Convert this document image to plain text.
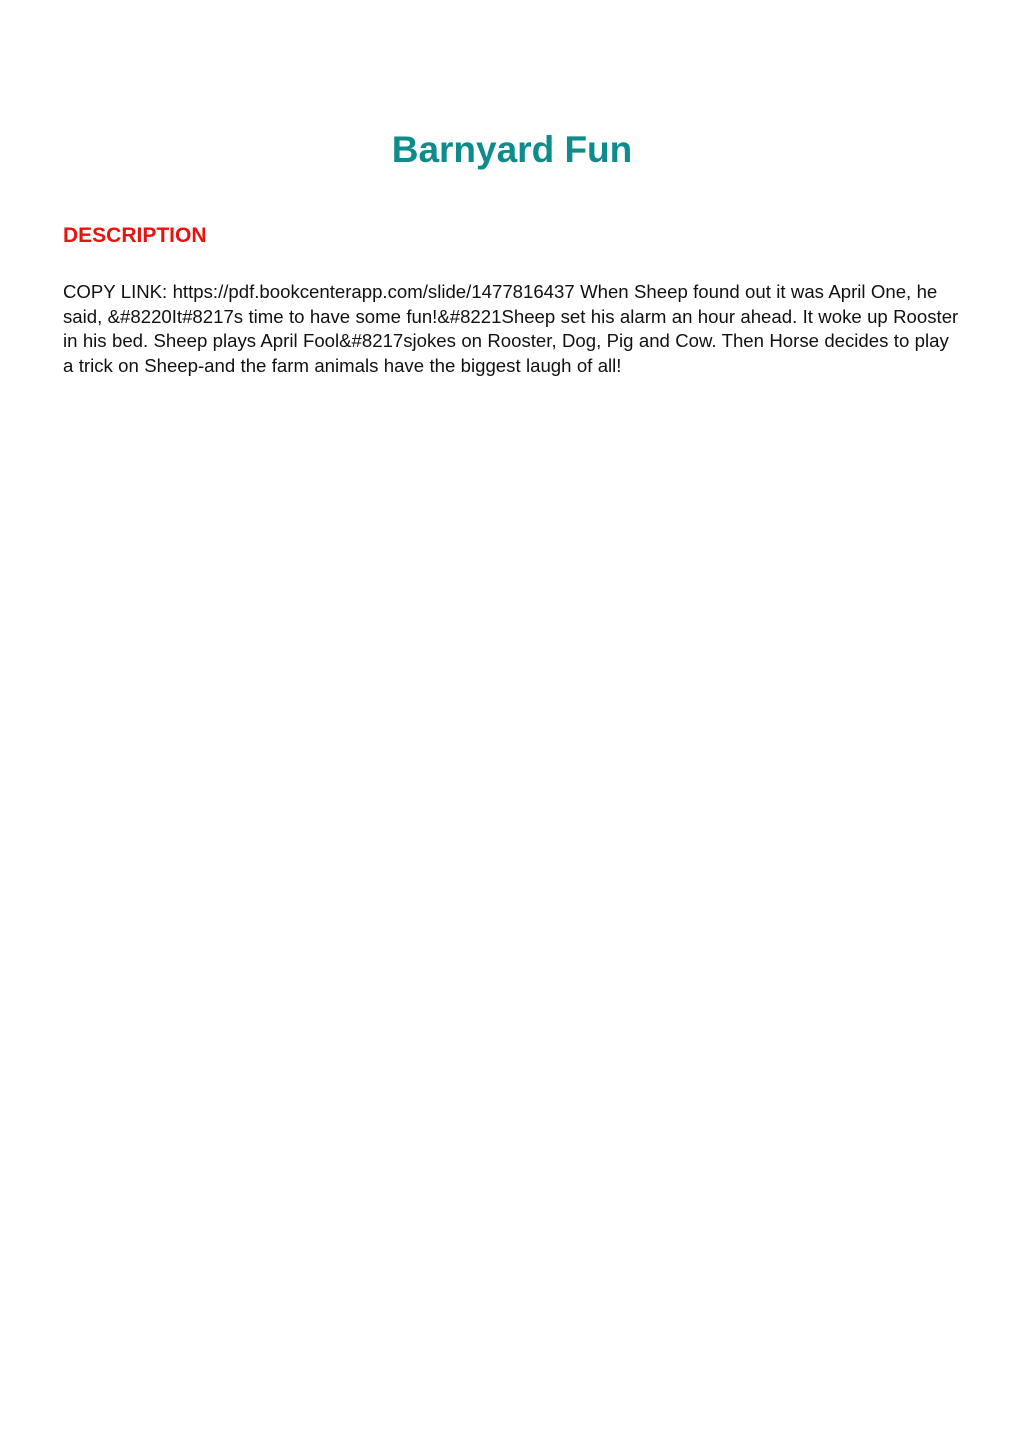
Barnyard Fun
DESCRIPTION

COPY LINK: https://pdf.bookcenterapp.com/slide/1477816437 When Sheep found out it was April One, he said, &#8220It#8217s time to have some fun!&#8221Sheep set his alarm an hour ahead. It woke up Rooster in his bed. Sheep plays April Fool&#8217sjokes on Rooster, Dog, Pig and Cow. Then Horse decides to play a trick on Sheep-and the farm animals have the biggest laugh of all!
